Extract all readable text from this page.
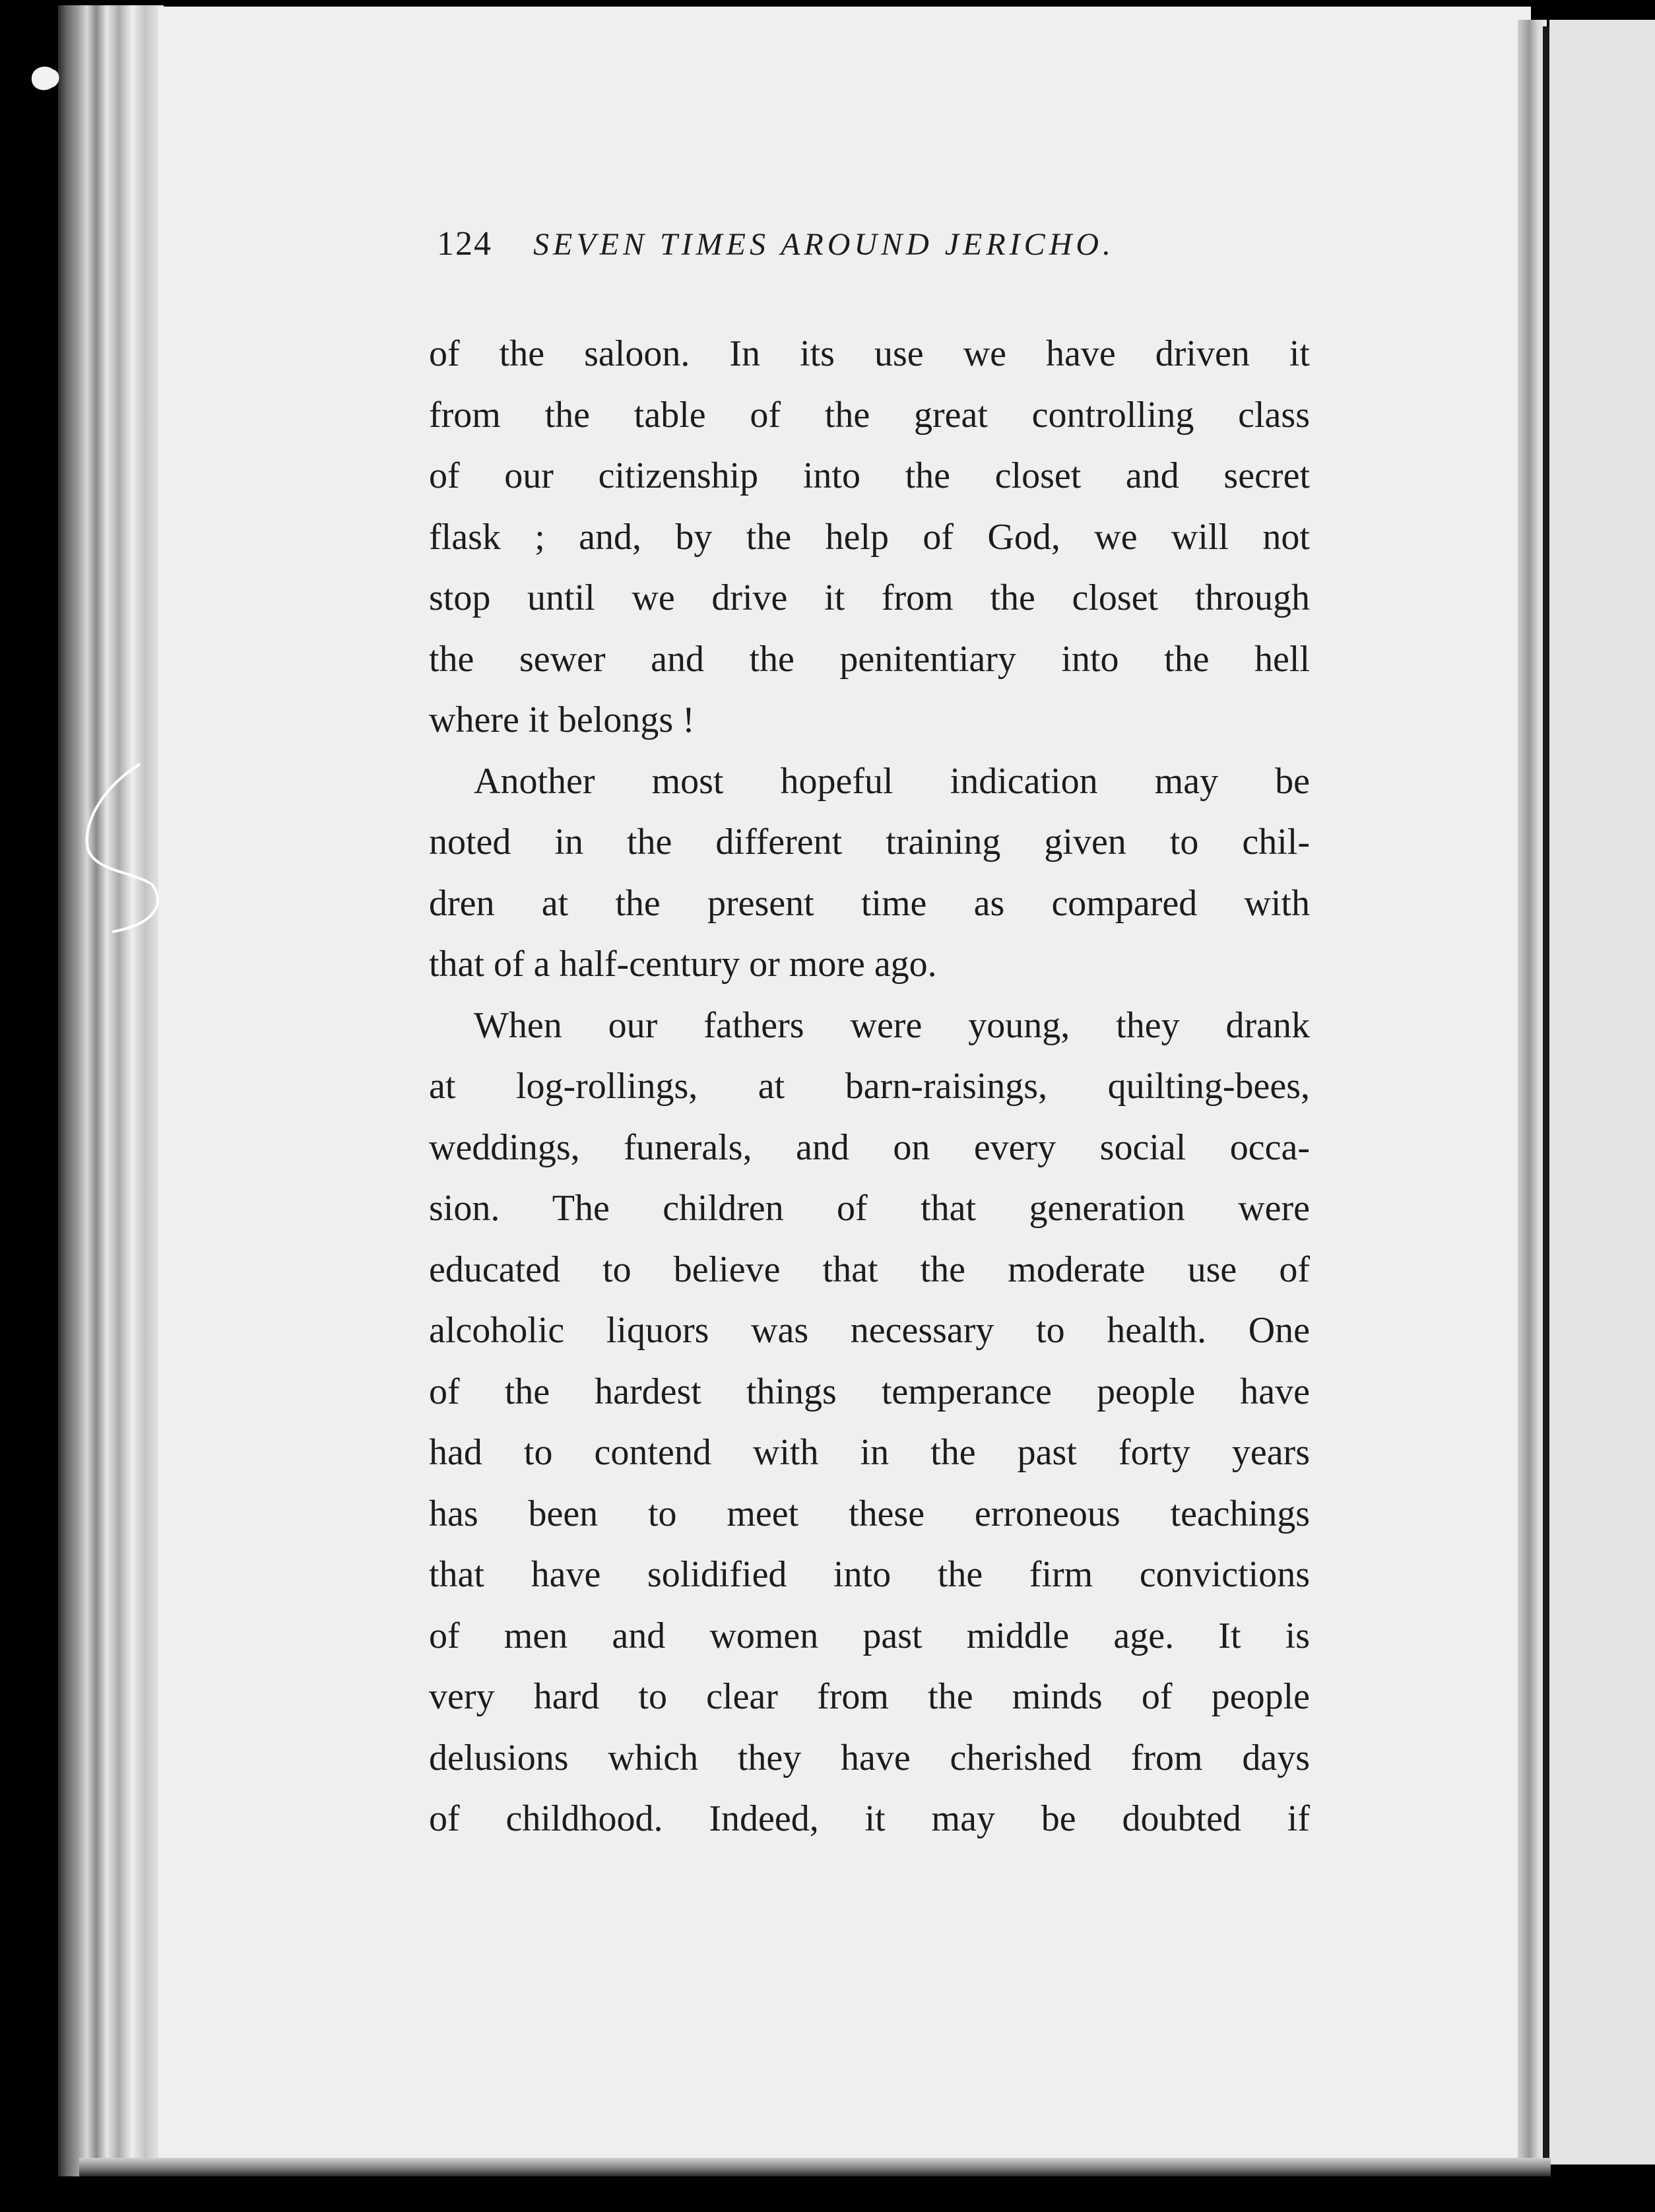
124 SEVEN TIMES AROUND JERICHO.
of the saloon. In its use we have driven it
from the table of the great controlling class
of our citizenship into the closet and secret
flask ; and, by the help of God, we will not
stop until we drive it from the closet through
the sewer and the penitentiary into the hell
where it belongs !
Another most hopeful indication may be
noted in the different training given to chil-
dren at the present time as compared with
that of a half-century or more ago.
When our fathers were young, they drank
at log-rollings, at barn-raisings, quilting-bees,
weddings, funerals, and on every social occa-
sion. The children of that generation were
educated to believe that the moderate use of
alcoholic liquors was necessary to health. One
of the hardest things temperance people have
had to contend with in the past forty years
has been to meet these erroneous teachings
that have solidified into the firm convictions
of men and women past middle age. It is
very hard to clear from the minds of people
delusions which they have cherished from days
of childhood. Indeed, it may be doubted if
